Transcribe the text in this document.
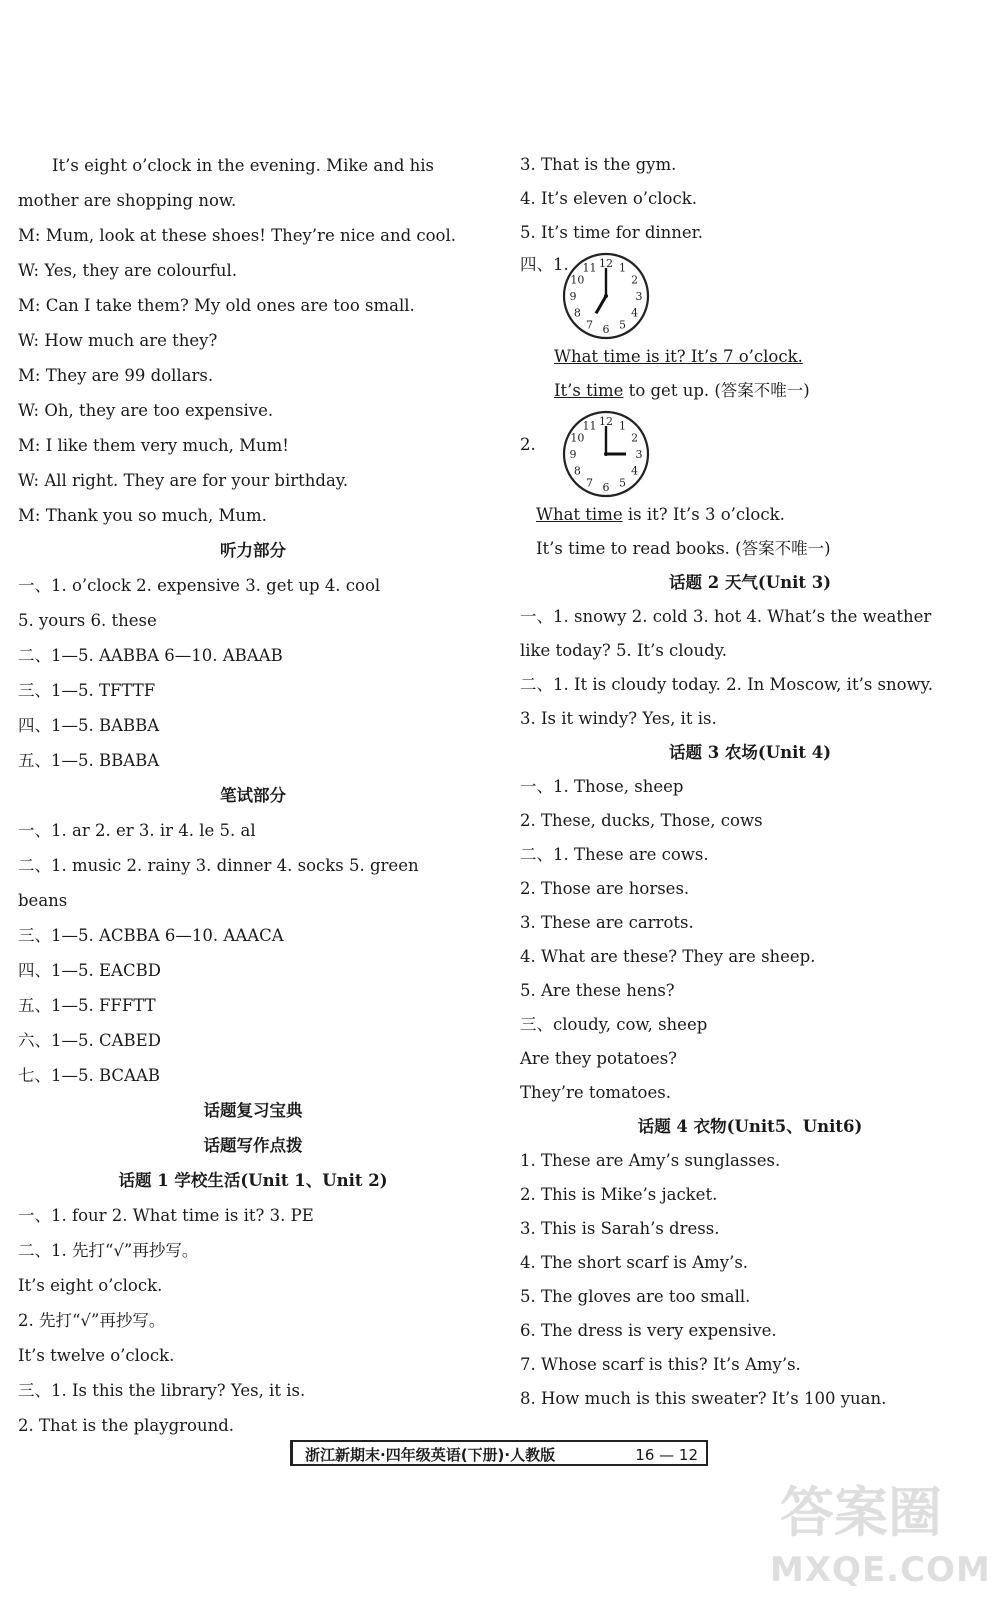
It’s eight o’clock in the evening. Mike and his
mother are shopping now.
M: Mum, look at these shoes! They’re nice and cool.
W: Yes, they are colourful.
M: Can I take them? My old ones are too small.
W: How much are they?
M: They are 99 dollars.
W: Oh, they are too expensive.
M: I like them very much, Mum!
W: All right. They are for your birthday.
M: Thank you so much, Mum.
听力部分
一、1. o’clock 2. expensive 3. get up 4. cool
5. yours 6. these
二、1—5. AABBA 6—10. ABAAB
三、1—5. TFTTF
四、1—5. BABBA
五、1—5. BBABA
笔试部分
一、1. ar 2. er 3. ir 4. le 5. al
二、1. music 2. rainy 3. dinner 4. socks 5. green
beans
三、1—5. ACBBA 6—10. AAACA
四、1—5. EACBD
五、1—5. FFFTT
六、1—5. CABED
七、1—5. BCAAB
话题复习宝典
话题写作点拨
话题 1 学校生活(Unit 1、Unit 2)
一、1. four 2. What time is it? 3. PE
二、1. 先打“√”再抄写。
It’s eight o’clock.
2. 先打“√”再抄写。
It’s twelve o’clock.
三、1. Is this the library? Yes, it is.
2. That is the playground.
3. That is the gym.
4. It’s eleven o’clock.
5. It’s time for dinner.
四、1.	12 1
2
3
4
5
6
7
8
9
10
11
What time is it? It’s 7 o’clock.
It’s time to get up. (答案不唯一)
2.
12 1
2
3
4
5
6
7
8
9
10
11
What time is it? It’s 3 o’clock.
It’s time to read books. (答案不唯一)
话题 2 天气(Unit 3)
一、1. snowy 2. cold 3. hot 4. What’s the weather
like today? 5. It’s cloudy.
二、1. It is cloudy today. 2. In Moscow, it’s snowy.
3. Is it windy? Yes, it is.
话题 3 农场(Unit 4)
一、1. Those, sheep
2. These, ducks, Those, cows
二、1. These are cows.
2. Those are horses.
3. These are carrots.
4. What are these? They are sheep.
5. Are these hens?
三、cloudy, cow, sheep
Are they potatoes?
They’re tomatoes.
话题 4 衣物(Unit5、Unit6)
1. These are Amy’s sunglasses.
2. This is Mike’s jacket.
3. This is Sarah’s dress.
4. The short scarf is Amy’s.
5. The gloves are too small.
6. The dress is very expensive.
7. Whose scarf is this? It’s Amy’s.
8. How much is this sweater? It’s 100 yuan.
浙江新期末·四年级英语(下册)·人教版	16 — 12
答案圈
MXQE.COM
